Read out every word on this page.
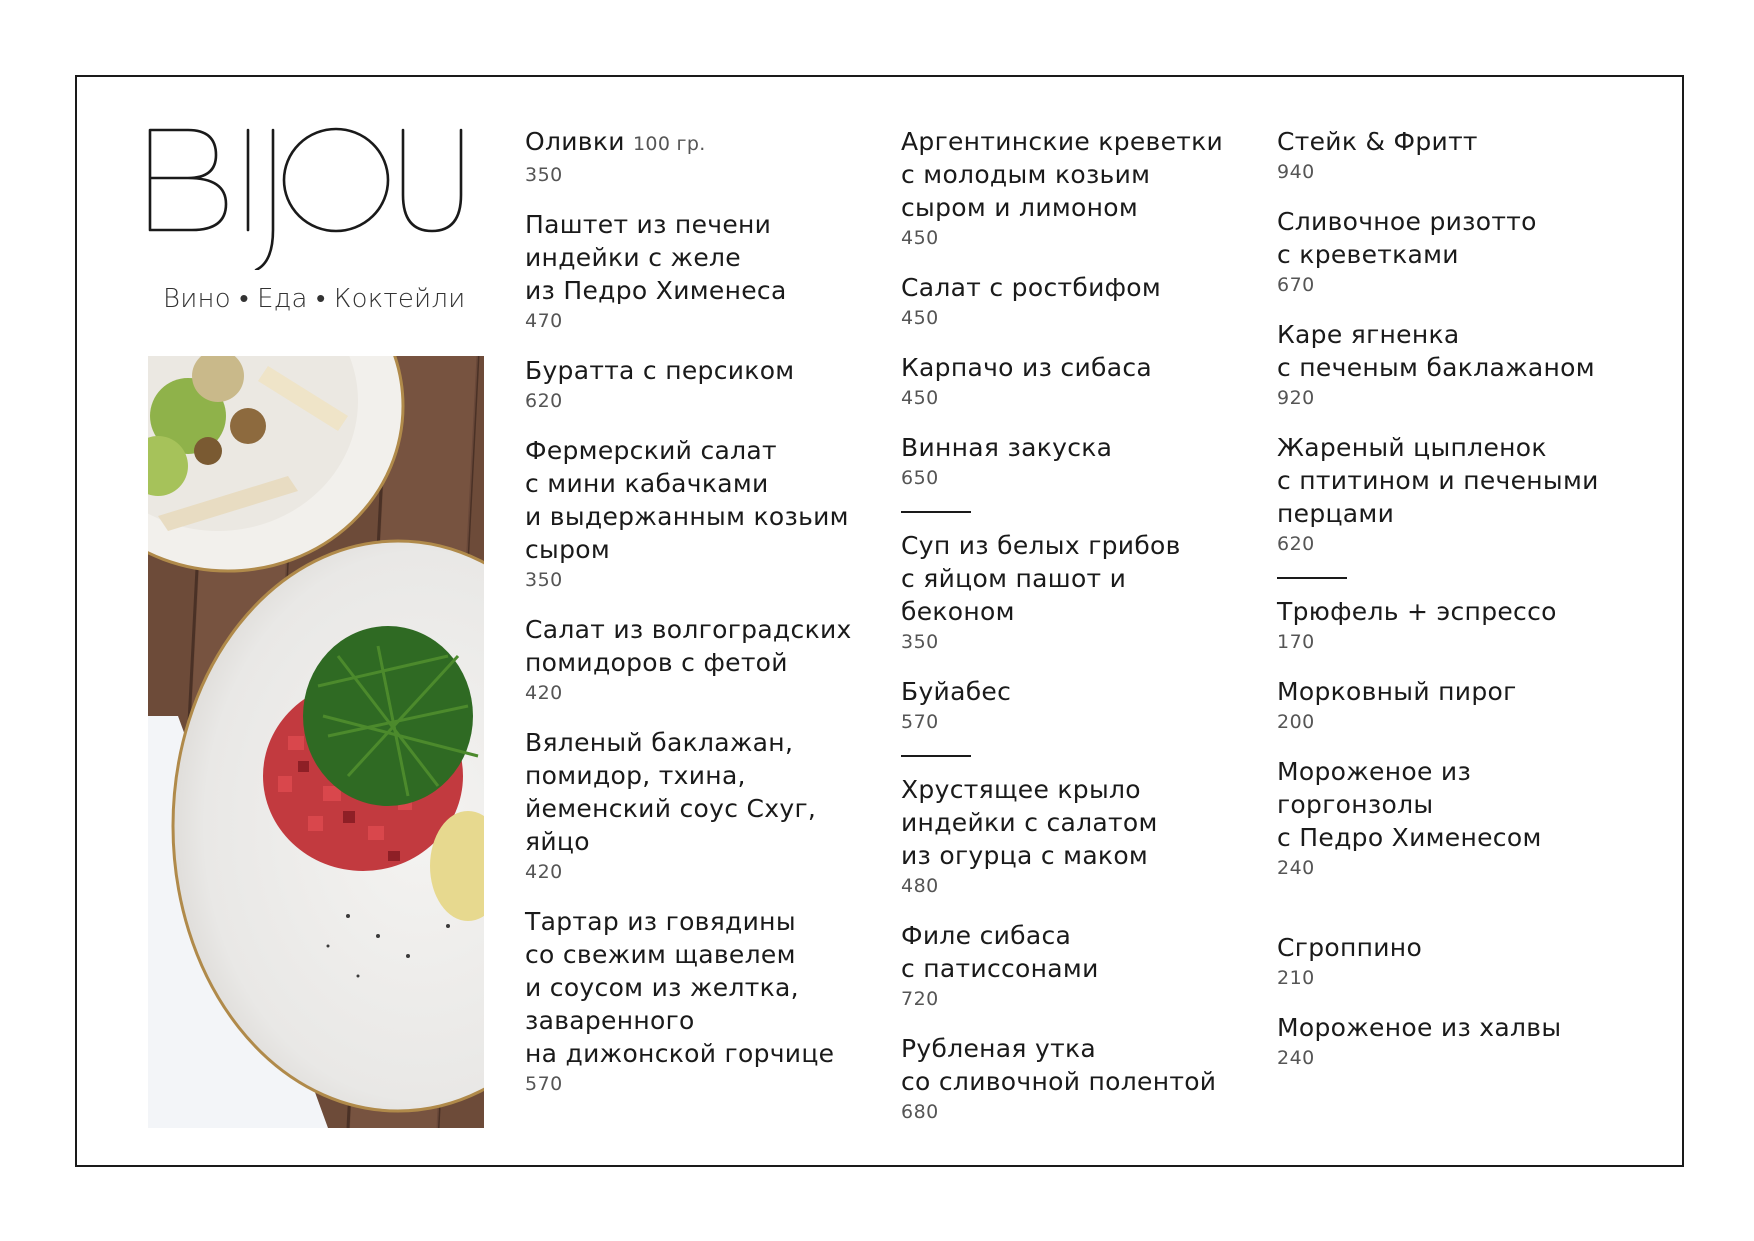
Вино • Еда • Коктейли
Оливки 100 гр.
350
Паштет из печени
индейки с желе
из Педро Хименеса
470
Буратта с персиком
620
Фермерский салат
с мини кабачками
и выдержанным козьим
сыром
350
Салат из волгоградских
помидоров с фетой
420
Вяленый баклажан,
помидор, тхина,
йеменский соус Схуг,
яйцо
420
Тартар из говядины
со свежим щавелем
и соусом из желтка,
заваренного
на дижонской горчице
570
Аргентинские креветки
с молодым козьим
сыром и лимоном
450
Салат с ростбифом
450
Карпачо из сибаса
450
Винная закуска
650
Суп из белых грибов
с яйцом пашот и
беконом
350
Буйабес
570
Хрустящее крыло
индейки с салатом
из огурца с маком
480
Филе сибаса
с патиссонами
720
Рубленая утка
со сливочной полентой
680
Стейк & Фритт
940
Сливочное ризотто
с креветками
670
Каре ягненка
с печеным баклажаном
920
Жареный цыпленок
с птитином и печеными
перцами
620
Трюфель + эспрессо
170
Морковный пирог
200
Мороженое из
горгонзолы
с Педро Хименесом
240
Сгроппино
210
Мороженое из халвы
240
